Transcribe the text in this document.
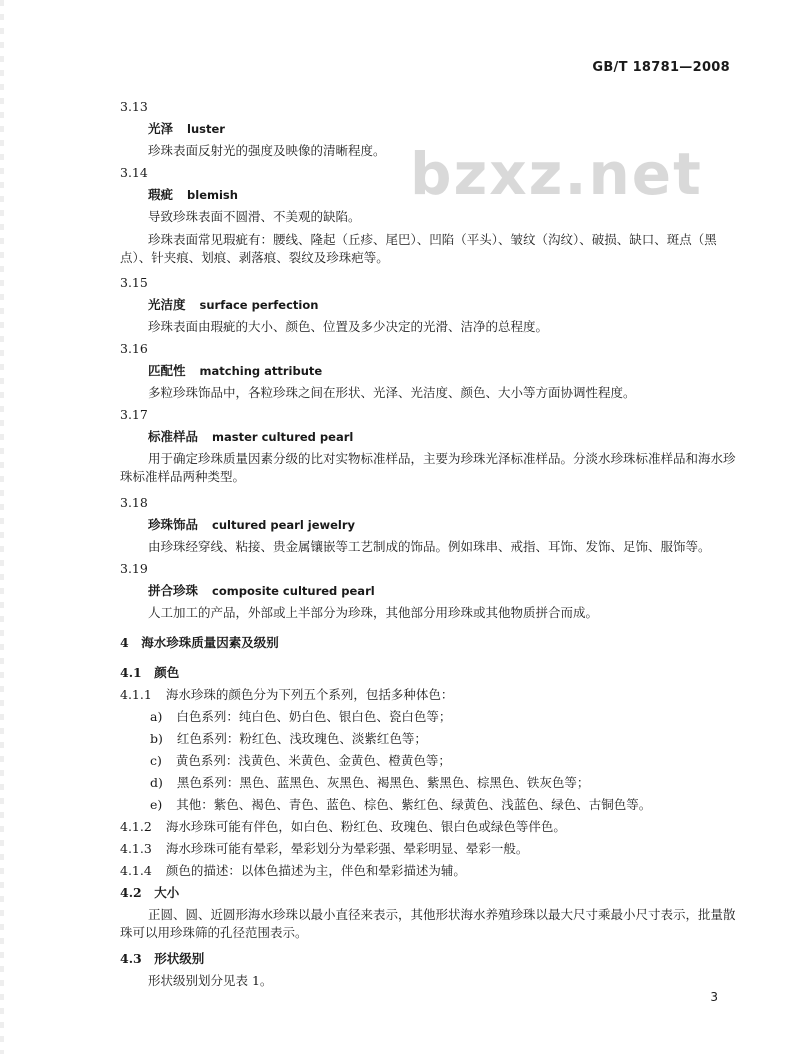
GB/T 18781—2008
bzxz.net
3.13
光泽 luster
珍珠表面反射光的强度及映像的清晰程度。
3.14
瑕疵 blemish
导致珍珠表面不圆滑、不美观的缺陷。
珍珠表面常见瑕疵有：腰线、隆起（丘疹、尾巴）、凹陷（平头）、皱纹（沟纹）、破损、缺口、斑点（黑点）、针夹痕、划痕、剥落痕、裂纹及珍珠疤等。
3.15
光洁度 surface perfection
珍珠表面由瑕疵的大小、颜色、位置及多少决定的光滑、洁净的总程度。
3.16
匹配性 matching attribute
多粒珍珠饰品中，各粒珍珠之间在形状、光泽、光洁度、颜色、大小等方面协调性程度。
3.17
标准样品 master cultured pearl
用于确定珍珠质量因素分级的比对实物标准样品，主要为珍珠光泽标准样品。分淡水珍珠标准样品和海水珍珠标准样品两种类型。
3.18
珍珠饰品 cultured pearl jewelry
由珍珠经穿线、粘接、贵金属镶嵌等工艺制成的饰品。例如珠串、戒指、耳饰、发饰、足饰、服饰等。
3.19
拼合珍珠 composite cultured pearl
人工加工的产品，外部或上半部分为珍珠，其他部分用珍珠或其他物质拼合而成。
4　海水珍珠质量因素及级别
4.1　颜色
4.1.1 海水珍珠的颜色分为下列五个系列，包括多种体色：
a) 白色系列：纯白色、奶白色、银白色、瓷白色等；
b) 红色系列：粉红色、浅玫瑰色、淡紫红色等；
c) 黄色系列：浅黄色、米黄色、金黄色、橙黄色等；
d) 黑色系列：黑色、蓝黑色、灰黑色、褐黑色、紫黑色、棕黑色、铁灰色等；
e) 其他：紫色、褐色、青色、蓝色、棕色、紫红色、绿黄色、浅蓝色、绿色、古铜色等。
4.1.2 海水珍珠可能有伴色，如白色、粉红色、玫瑰色、银白色或绿色等伴色。
4.1.3 海水珍珠可能有晕彩，晕彩划分为晕彩强、晕彩明显、晕彩一般。
4.1.4 颜色的描述：以体色描述为主，伴色和晕彩描述为辅。
4.2　大小
正圆、圆、近圆形海水珍珠以最小直径来表示，其他形状海水养殖珍珠以最大尺寸乘最小尺寸表示，批量散珠可以用珍珠筛的孔径范围表示。
4.3　形状级别
形状级别划分见表 1。
3
